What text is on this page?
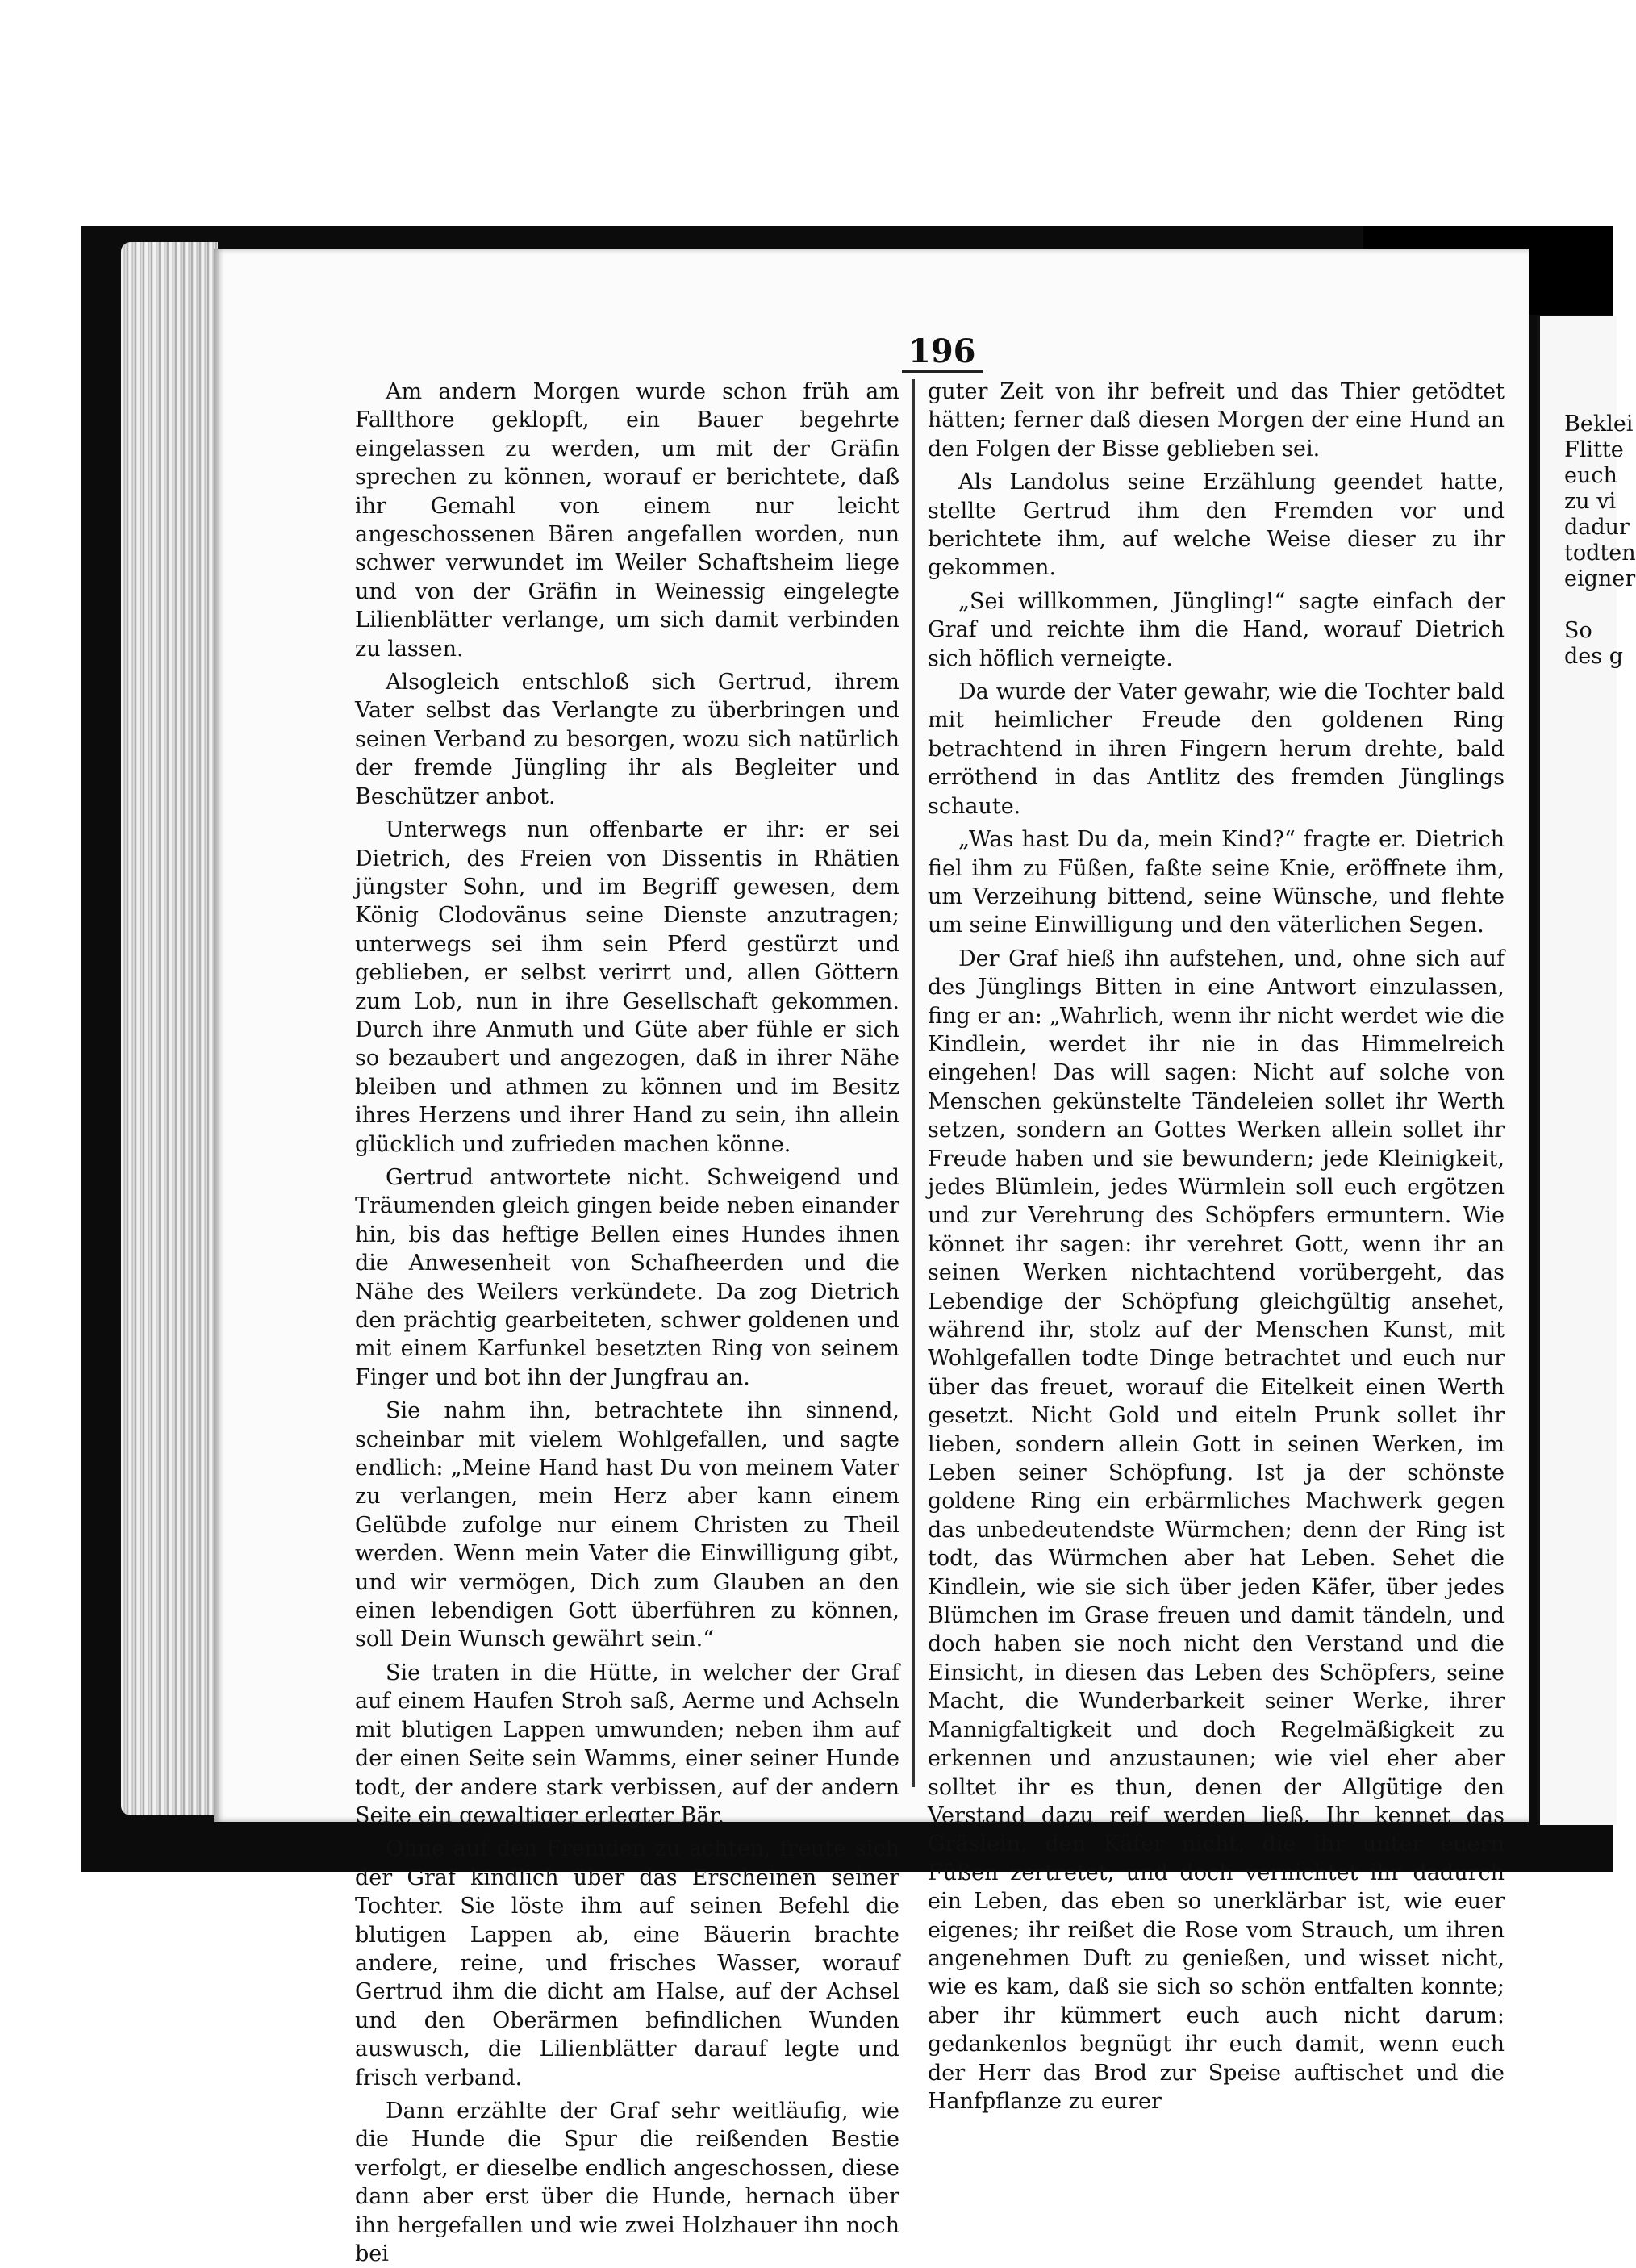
196

Am andern Morgen wurde schon früh am Fallthore geklopft, ein Bauer begehrte eingelassen zu werden, um mit der Gräfin sprechen zu können, worauf er berichtete, daß ihr Gemahl von einem nur leicht angeschossenen Bären angefallen worden, nun schwer verwundet im Weiler Schaftsheim liege und von der Gräfin in Weinessig eingelegte Lilienblätter verlange, um sich damit verbinden zu lassen.

Alsogleich entschloß sich Gertrud, ihrem Vater selbst das Verlangte zu überbringen und seinen Verband zu besorgen, wozu sich natürlich der fremde Jüngling ihr als Begleiter und Beschützer anbot.

Unterwegs nun offenbarte er ihr: er sei Dietrich, des Freien von Dissentis in Rhätien jüngster Sohn, und im Begriff gewesen, dem König Clodovänus seine Dienste anzutragen; unterwegs sei ihm sein Pferd gestürzt und geblieben, er selbst verirrt und, allen Göttern zum Lob, nun in ihre Gesellschaft gekommen. Durch ihre Anmuth und Güte aber fühle er sich so bezaubert und angezogen, daß in ihrer Nähe bleiben und athmen zu können und im Besitz ihres Herzens und ihrer Hand zu sein, ihn allein glücklich und zufrieden machen könne.

Gertrud antwortete nicht. Schweigend und Träumenden gleich gingen beide neben einander hin, bis das heftige Bellen eines Hundes ihnen die Anwesenheit von Schafheerden und die Nähe des Weilers verkündete. Da zog Dietrich den prächtig gearbeiteten, schwer goldenen und mit einem Karfunkel besetzten Ring von seinem Finger und bot ihn der Jungfrau an.

Sie nahm ihn, betrachtete ihn sinnend, scheinbar mit vielem Wohlgefallen, und sagte endlich: „Meine Hand hast Du von meinem Vater zu verlangen, mein Herz aber kann einem Gelübde zufolge nur einem Christen zu Theil werden. Wenn mein Vater die Einwilligung gibt, und wir vermögen, Dich zum Glauben an den einen lebendigen Gott überführen zu können, soll Dein Wunsch gewährt sein.“

Sie traten in die Hütte, in welcher der Graf auf einem Haufen Stroh saß, Aerme und Achseln mit blutigen Lappen umwunden; neben ihm auf der einen Seite sein Wamms, einer seiner Hunde todt, der andere stark verbissen, auf der andern Seite ein gewaltiger erlegter Bär.

Ohne auf den Fremden zu achten, freute sich der Graf kindlich über das Erscheinen seiner Tochter. Sie löste ihm auf seinen Befehl die blutigen Lappen ab, eine Bäuerin brachte andere, reine, und frisches Wasser, worauf Gertrud ihm die dicht am Halse, auf der Achsel und den Oberärmen befindlichen Wunden auswusch, die Lilienblätter darauf legte und frisch verband.

Dann erzählte der Graf sehr weitläufig, wie die Hunde die Spur die reißenden Bestie verfolgt, er dieselbe endlich angeschossen, diese dann aber erst über die Hunde, hernach über ihn hergefallen und wie zwei Holzhauer ihn noch bei

guter Zeit von ihr befreit und das Thier getödtet hätten; ferner daß diesen Morgen der eine Hund an den Folgen der Bisse geblieben sei.

Als Landolus seine Erzählung geendet hatte, stellte Gertrud ihm den Fremden vor und berichtete ihm, auf welche Weise dieser zu ihr gekommen.

„Sei willkommen, Jüngling!“ sagte einfach der Graf und reichte ihm die Hand, worauf Dietrich sich höflich verneigte.

Da wurde der Vater gewahr, wie die Tochter bald mit heimlicher Freude den goldenen Ring betrachtend in ihren Fingern herum drehte, bald erröthend in das Antlitz des fremden Jünglings schaute.

„Was hast Du da, mein Kind?“ fragte er. Dietrich fiel ihm zu Füßen, faßte seine Knie, eröffnete ihm, um Verzeihung bittend, seine Wünsche, und flehte um seine Einwilligung und den väterlichen Segen.

Der Graf hieß ihn aufstehen, und, ohne sich auf des Jünglings Bitten in eine Antwort einzulassen, fing er an: „Wahrlich, wenn ihr nicht werdet wie die Kindlein, werdet ihr nie in das Himmelreich eingehen! Das will sagen: Nicht auf solche von Menschen gekünstelte Tändeleien sollet ihr Werth setzen, sondern an Gottes Werken allein sollet ihr Freude haben und sie bewundern; jede Kleinigkeit, jedes Blümlein, jedes Würmlein soll euch ergötzen und zur Verehrung des Schöpfers ermuntern. Wie könnet ihr sagen: ihr verehret Gott, wenn ihr an seinen Werken nichtachtend vorübergeht, das Lebendige der Schöpfung gleichgültig ansehet, während ihr, stolz auf der Menschen Kunst, mit Wohlgefallen todte Dinge betrachtet und euch nur über das freuet, worauf die Eitelkeit einen Werth gesetzt. Nicht Gold und eiteln Prunk sollet ihr lieben, sondern allein Gott in seinen Werken, im Leben seiner Schöpfung. Ist ja der schönste goldene Ring ein erbärmliches Machwerk gegen das unbedeutendste Würmchen; denn der Ring ist todt, das Würmchen aber hat Leben. Sehet die Kindlein, wie sie sich über jeden Käfer, über jedes Blümchen im Grase freuen und damit tändeln, und doch haben sie noch nicht den Verstand und die Einsicht, in diesen das Leben des Schöpfers, seine Macht, die Wunderbarkeit seiner Werke, ihrer Mannigfaltigkeit und doch Regelmäßigkeit zu erkennen und anzustaunen; wie viel eher aber solltet ihr es thun, denen der Allgütige den Verstand dazu reif werden ließ. Ihr kennet das Gräslein, den Käfer nicht, die ihr unter euern Füßen zertretet, und doch vernichtet ihr dadurch ein Leben, das eben so unerklärbar ist, wie euer eigenes; ihr reißet die Rose vom Strauch, um ihren angenehmen Duft zu genießen, und wisset nicht, wie es kam, daß sie sich so schön entfalten konnte; aber ihr kümmert euch auch nicht darum: gedankenlos begnügt ihr euch damit, wenn euch der Herr das Brod zur Speise auftischet und die Hanfpflanze zu eurer

Beklei
Flitte
euch
zu vi
dadur
todten
eigner
So
des g
